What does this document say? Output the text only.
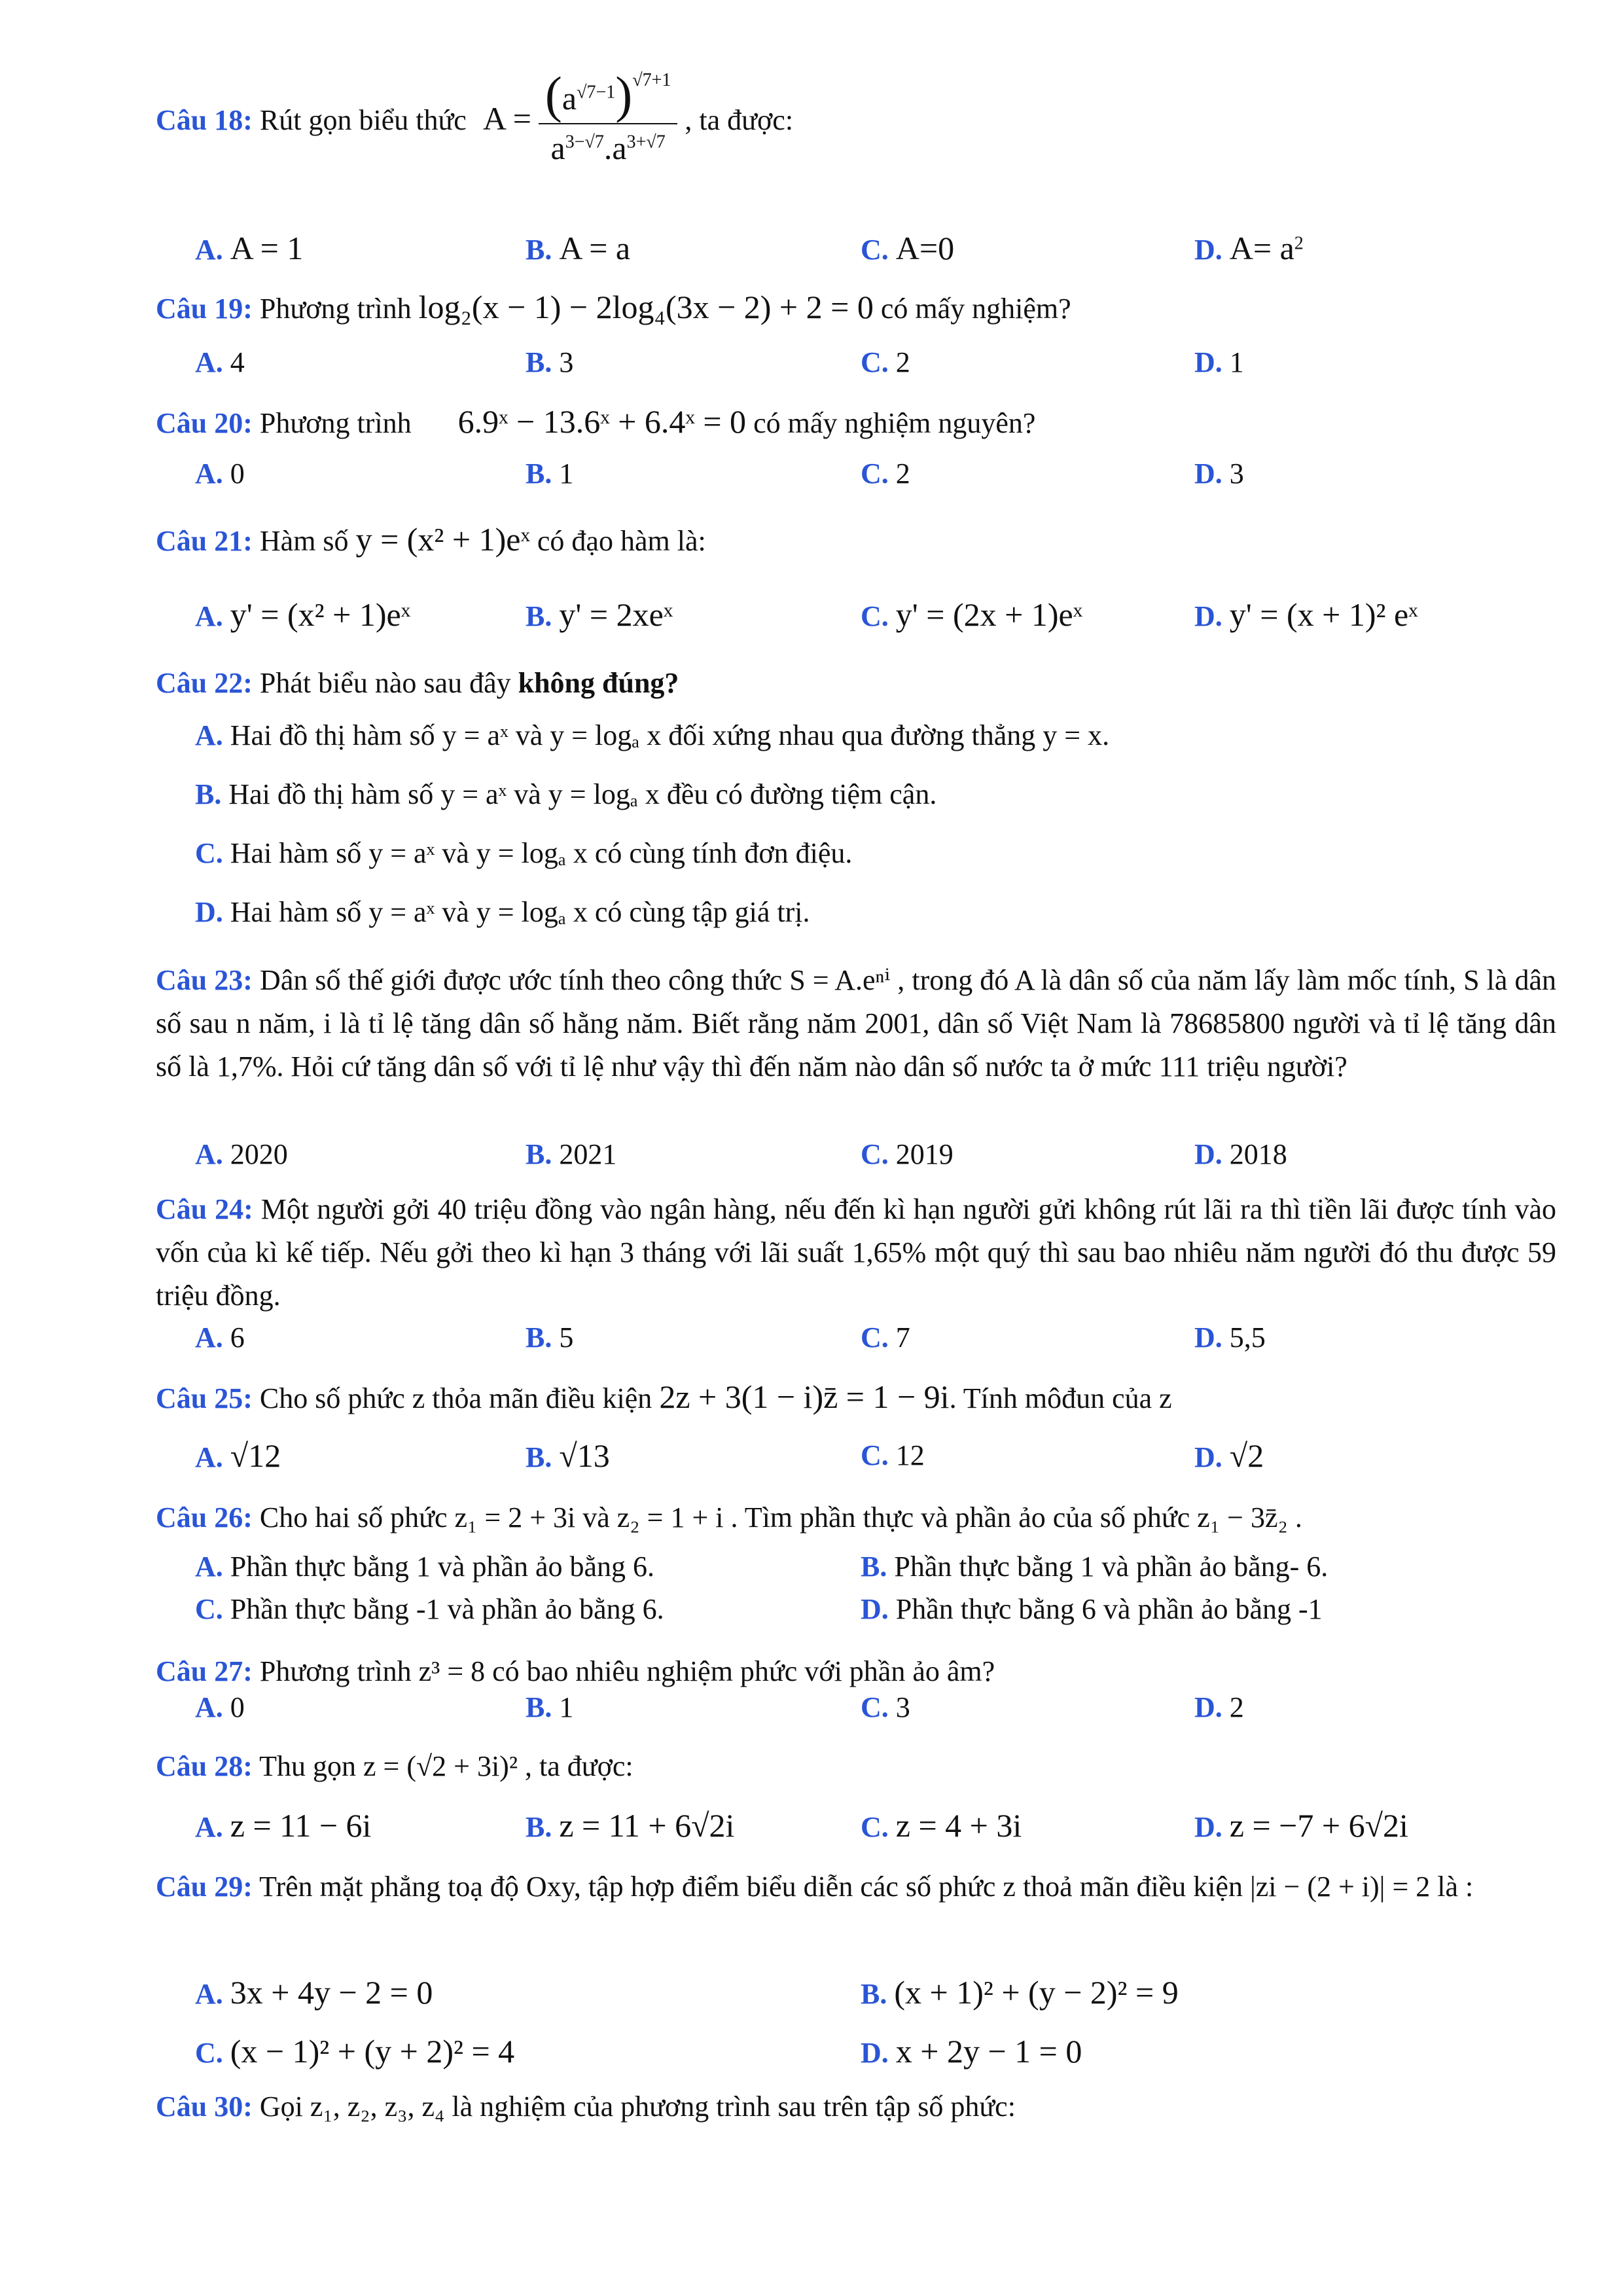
Câu 18: Rút gọn biểu thức $A = \frac{(a^{√7-1})^{√7+1}}{a^{3-√7}.a^{3+√7}}$ , ta được:
A. A = 1	B. A = a	C. A=0	D. $A= a^2$
Câu 19: Phương trình log₂(x − 1) − 2log₄(3x − 2) + 2 = 0 có mấy nghiệm?
A. 4	B. 3	C. 2	D. 1
Câu 20: Phương trình 6.9ˣ − 13.6ˣ + 6.4ˣ = 0 có mấy nghiệm nguyên?
A. 0	B. 1	C. 2	D. 3
Câu 21: Hàm số y = (x² + 1)eˣ có đạo hàm là:
A. y' = (x² + 1)eˣ	B. y' = 2xeˣ	C. y' = (2x + 1)eˣ	D. y' = (x + 1)² eˣ
Câu 22: Phát biểu nào sau đây không đúng?
A. Hai đồ thị hàm số y = aˣ và y = logₐ x đối xứng nhau qua đường thẳng y = x.
B. Hai đồ thị hàm số y = aˣ và y = logₐ x đều có đường tiệm cận.
C. Hai hàm số y = aˣ và y = logₐ x có cùng tính đơn điệu.
D. Hai hàm số y = aˣ và y = logₐ x có cùng tập giá trị.
Câu 23: Dân số thế giới được ước tính theo công thức S = A.eⁿⁱ , trong đó A là dân số của năm lấy làm mốc tính, S là dân số sau n năm, i là tỉ lệ tăng dân số hằng năm. Biết rằng năm 2001, dân số Việt Nam là 78685800 người và tỉ lệ tăng dân số là 1,7%. Hỏi cứ tăng dân số với tỉ lệ như vậy thì đến năm nào dân số nước ta ở mức 111 triệu người?
A. 2020	B. 2021	C. 2019	D. 2018
Câu 24: Một người gởi 40 triệu đồng vào ngân hàng, nếu đến kì hạn người gửi không rút lãi ra thì tiền lãi được tính vào vốn của kì kế tiếp. Nếu gởi theo kì hạn 3 tháng với lãi suất 1,65% một quý thì sau bao nhiêu năm người đó thu được 59 triệu đồng.
A. 6	B. 5	C. 7	D. 5,5
Câu 25: Cho số phức z thỏa mãn điều kiện 2z + 3(1 − i)z̄ = 1 − 9i. Tính môđun của z
A. √12	B. √13	C. 12	D. √2
Câu 26: Cho hai số phức z₁ = 2 + 3i và z₂ = 1 + i . Tìm phần thực và phần ảo của số phức z₁ − 3z̄₂ .
A. Phần thực bằng 1 và phần ảo bằng 6.	B. Phần thực bằng 1 và phần ảo bằng- 6.
C. Phần thực bằng -1 và phần ảo bằng 6.	D. Phần thực bằng 6 và phần ảo bằng -1
Câu 27: Phương trình z³ = 8 có bao nhiêu nghiệm phức với phần ảo âm?
A. 0	B. 1	C. 3	D. 2
Câu 28: Thu gọn z = (√2 + 3i)² , ta được:
A. z = 11 − 6i	B. z = 11 + 6√2i	C. z = 4 + 3i	D. z = −7 + 6√2i
Câu 29: Trên mặt phẳng toạ độ Oxy, tập hợp điểm biểu diễn các số phức z thoả mãn điều kiện |zi − (2 + i)| = 2 là :
A. 3x + 4y − 2 = 0	B. (x + 1)² + (y − 2)² = 9
C. (x − 1)² + (y + 2)² = 4	D. x + 2y − 1 = 0
Câu 30: Gọi z₁, z₂, z₃, z₄ là nghiệm của phương trình sau trên tập số phức:
